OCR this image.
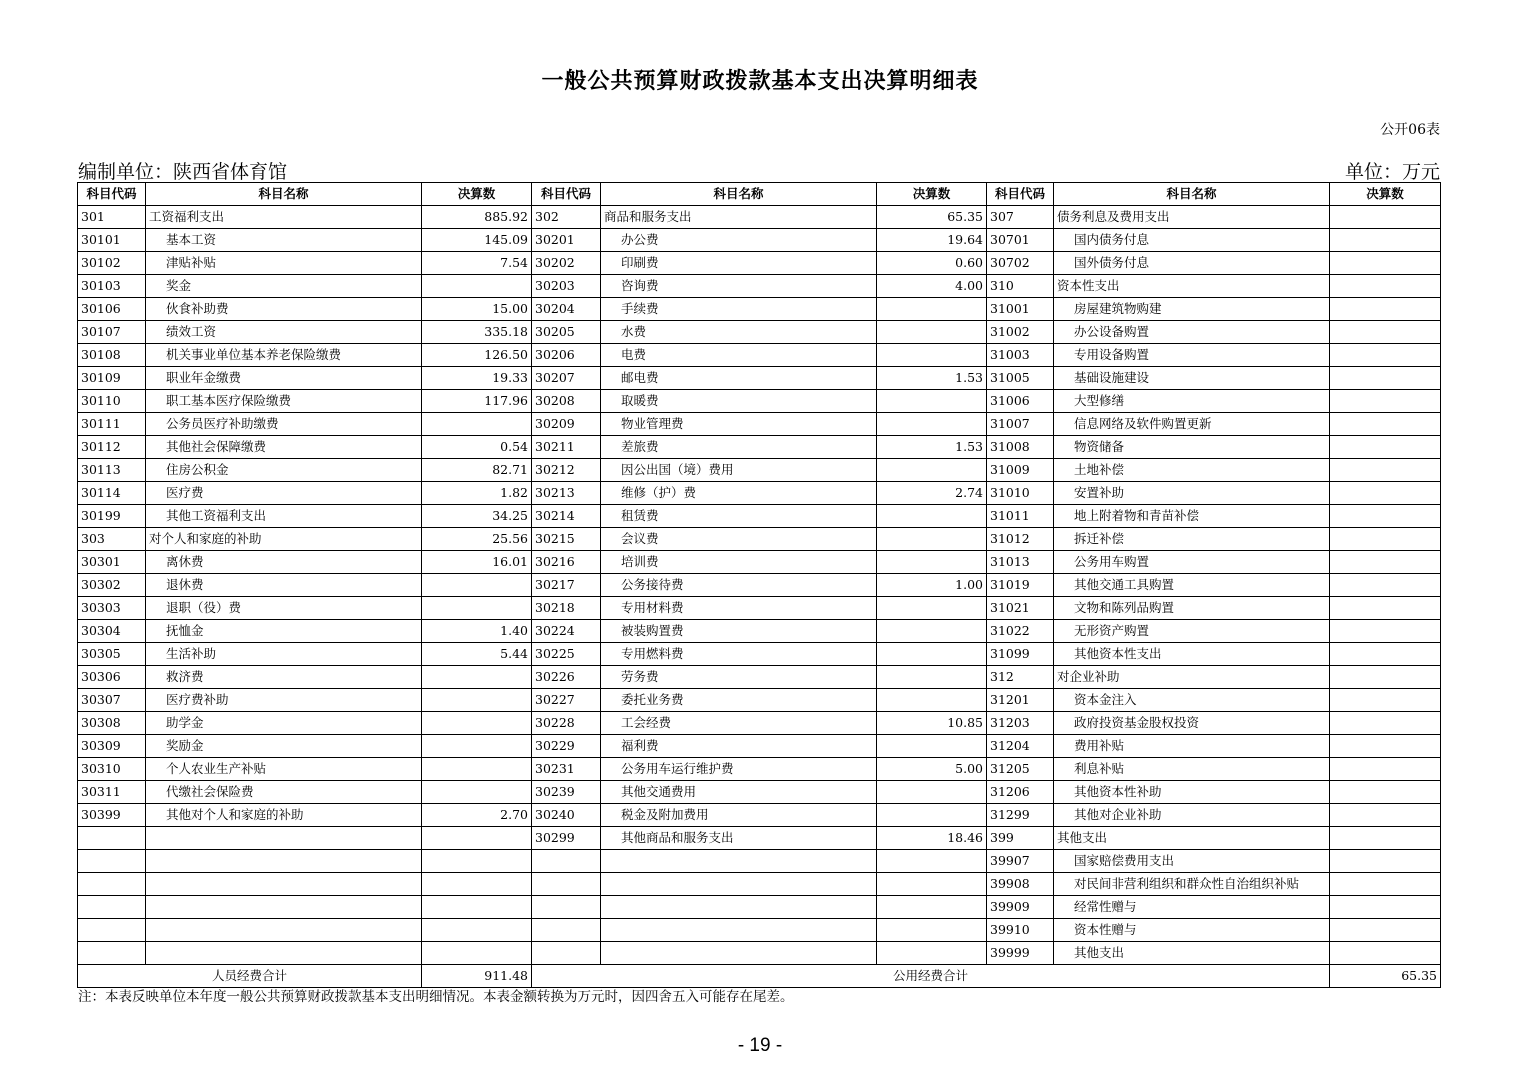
一般公共预算财政拨款基本支出决算明细表
公开06表
编制单位：陕西省体育馆	单位：万元
科目代码	科目名称	决算数	科目代码	科目名称	决算数	科目代码	科目名称	决算数
301	工资福利支出	885.92	302	商品和服务支出	65.35	307	债务利息及费用支出	
30101	基本工资	145.09	30201	办公费	19.64	30701	国内债务付息	
30102	津贴补贴	7.54	30202	印刷费	0.60	30702	国外债务付息	
30103	奖金		30203	咨询费	4.00	310	资本性支出	
30106	伙食补助费	15.00	30204	手续费		31001	房屋建筑物购建	
30107	绩效工资	335.18	30205	水费		31002	办公设备购置	
30108	机关事业单位基本养老保险缴费	126.50	30206	电费		31003	专用设备购置	
30109	职业年金缴费	19.33	30207	邮电费	1.53	31005	基础设施建设	
30110	职工基本医疗保险缴费	117.96	30208	取暖费		31006	大型修缮	
30111	公务员医疗补助缴费		30209	物业管理费		31007	信息网络及软件购置更新	
30112	其他社会保障缴费	0.54	30211	差旅费	1.53	31008	物资储备	
30113	住房公积金	82.71	30212	因公出国（境）费用		31009	土地补偿	
30114	医疗费	1.82	30213	维修（护）费	2.74	31010	安置补助	
30199	其他工资福利支出	34.25	30214	租赁费		31011	地上附着物和青苗补偿	
303	对个人和家庭的补助	25.56	30215	会议费		31012	拆迁补偿	
30301	离休费	16.01	30216	培训费		31013	公务用车购置	
30302	退休费		30217	公务接待费	1.00	31019	其他交通工具购置	
30303	退职（役）费		30218	专用材料费		31021	文物和陈列品购置	
30304	抚恤金	1.40	30224	被装购置费		31022	无形资产购置	
30305	生活补助	5.44	30225	专用燃料费		31099	其他资本性支出	
30306	救济费		30226	劳务费		312	对企业补助	
30307	医疗费补助		30227	委托业务费		31201	资本金注入	
30308	助学金		30228	工会经费	10.85	31203	政府投资基金股权投资	
30309	奖励金		30229	福利费		31204	费用补贴	
30310	个人农业生产补贴		30231	公务用车运行维护费	5.00	31205	利息补贴	
30311	代缴社会保险费		30239	其他交通费用		31206	其他资本性补助	
30399	其他对个人和家庭的补助	2.70	30240	税金及附加费用		31299	其他对企业补助	
			30299	其他商品和服务支出	18.46	399	其他支出	
						39907	国家赔偿费用支出	
						39908	对民间非营利组织和群众性自治组织补贴	
						39909	经常性赠与	
						39910	资本性赠与	
						39999	其他支出	
人员经费合计		911.48	公用经费合计					65.35
注：本表反映单位本年度一般公共预算财政拨款基本支出明细情况。本表金额转换为万元时，因四舍五入可能存在尾差。
- 19 -
